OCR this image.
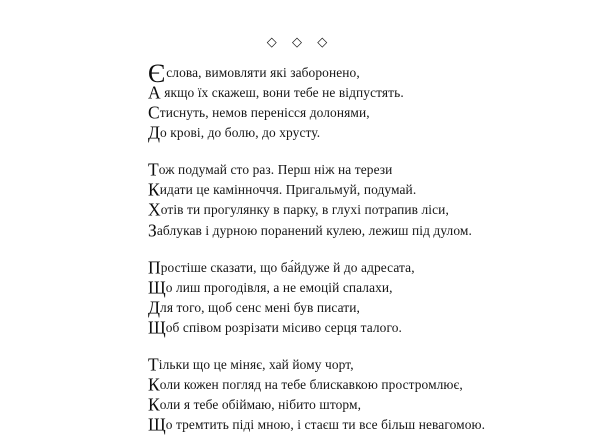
◇ ◇ ◇
Єслова, вимовляти які заборонено,
А якщо їх скажеш, вони тебе не відпустять.
Стиснуть, немов перенісся долонями,
До крові, до болю, до хрусту.
Тож подумай сто раз. Перш ніж на терези
Кидати це камінноччя. Пригальмуй, подумай.
Хотів ти прогулянку в парку, в глухі потрапив ліси,
Заблукав і дурною поранений кулею, лежиш під дулом.
Простіше сказати, що ба́йдуже й до адресата,
Що лиш прогодівля, а не емоцій спалахи,
Для того, щоб сенс мені був писати,
Щоб співом розрізати місиво серця талого.
Тільки що це міняє, хай йому чорт,
Коли кожен погляд на тебе блискавкою простромлює,
Коли я тебе обіймаю, нібито шторм,
Що тремтить піді мною, і стаєш ти все більш невагомою.
